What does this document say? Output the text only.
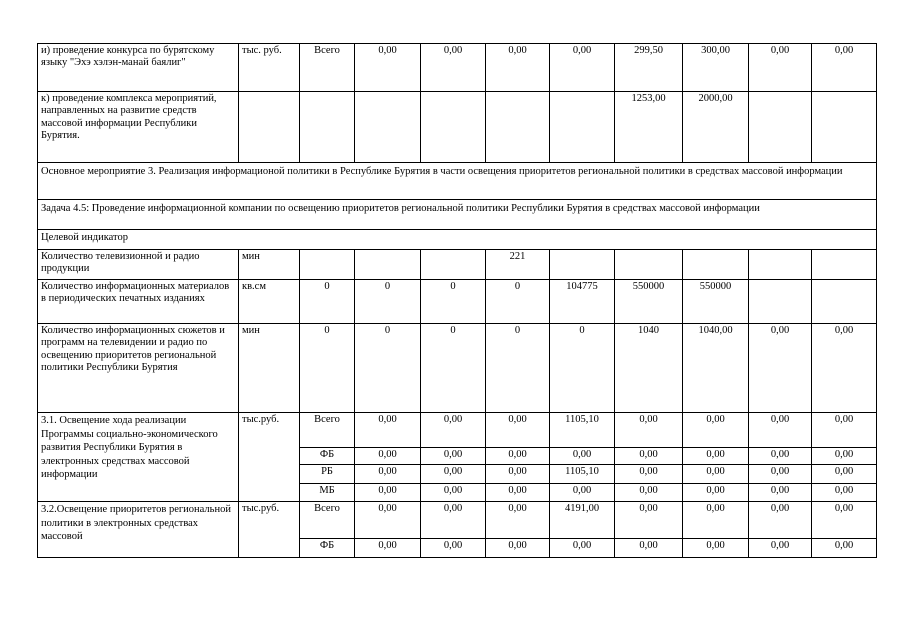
и) проведение конкурса по бурятскому языку "Эхэ хэлэн-манай баялиг"	тыс. руб.	Всего	0,00	0,00	0,00	0,00	299,50	300,00	0,00	0,00
к) проведение комплекса мероприятий, направленных на развитие средств массовой информации Республики Бурятия.							1253,00	2000,00		
Основное мероприятие 3. Реализация информационой политики в Республике Бурятия в части освещения приоритетов региональной политики в средствах массовой информации										
Задача 4.5: Проведение информационной компании по освещению приоритетов региональной политики Республики Бурятия в средствах массовой информации										
Целевой индикатор										
Количество телевизионной и радио продукции	мин				221					
Количество информационных материалов в периодических печатных изданиях	кв.см	0	0	0	0	104775	550000	550000		
Количество информационных сюжетов и программ на телевидении и радио по освещению приоритетов региональной политики Республики Бурятия	мин	0	0	0	0	0	1040	1040,00	0,00	0,00
3.1. Освещение хода реализации Программы социально-экономического развития Республики Бурятия в электронных средствах массовой информации	тыс.руб.	Всего	0,00	0,00	0,00	1105,10	0,00	0,00	0,00	0,00
		ФБ	0,00	0,00	0,00	0,00	0,00	0,00	0,00	0,00
		РБ	0,00	0,00	0,00	1105,10	0,00	0,00	0,00	0,00
		МБ	0,00	0,00	0,00	0,00	0,00	0,00	0,00	0,00
3.2.Освещение приоритетов региональной политики в электронных средствах массовой	тыс.руб.	Всего	0,00	0,00	0,00	4191,00	0,00	0,00	0,00	0,00
		ФБ	0,00	0,00	0,00	0,00	0,00	0,00	0,00	0,00
